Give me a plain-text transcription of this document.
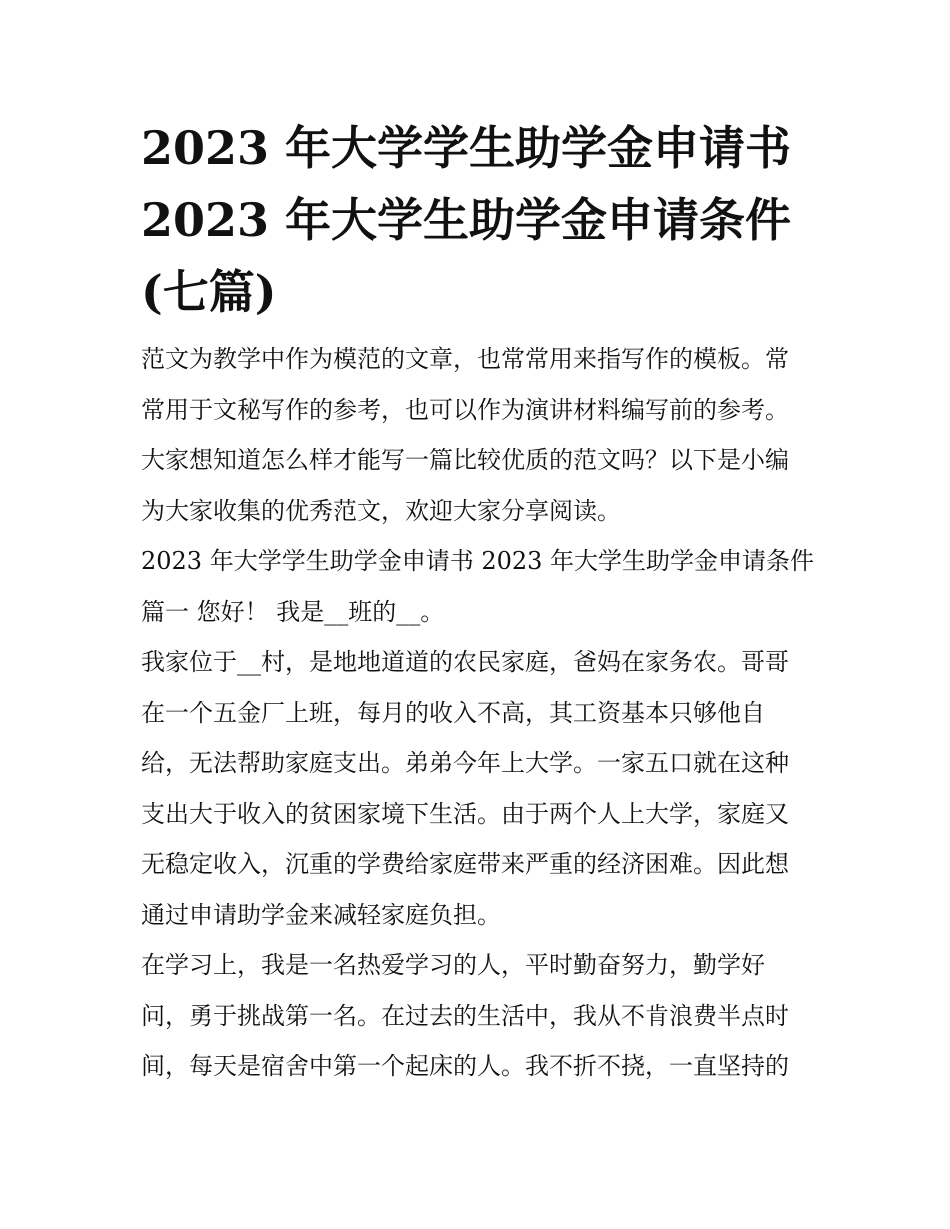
2023 年大学学生助学金申请书
2023 年大学生助学金申请条件
(七篇)

范文为教学中作为模范的文章，也常常用来指写作的模板。常
常用于文秘写作的参考，也可以作为演讲材料编写前的参考。
大家想知道怎么样才能写一篇比较优质的范文吗？以下是小编
为大家收集的优秀范文，欢迎大家分享阅读。

2023 年大学学生助学金申请书 2023 年大学生助学金申请条件
篇一 您好！ 我是__班的__。

我家位于__村，是地地道道的农民家庭，爸妈在家务农。哥哥
在一个五金厂上班，每月的收入不高，其工资基本只够他自
给，无法帮助家庭支出。弟弟今年上大学。一家五口就在这种
支出大于收入的贫困家境下生活。由于两个人上大学，家庭又
无稳定收入，沉重的学费给家庭带来严重的经济困难。因此想
通过申请助学金来减轻家庭负担。

在学习上，我是一名热爱学习的人，平时勤奋努力，勤学好
问，勇于挑战第一名。在过去的生活中，我从不肯浪费半点时
间，每天是宿舍中第一个起床的人。我不折不挠，一直坚持的
